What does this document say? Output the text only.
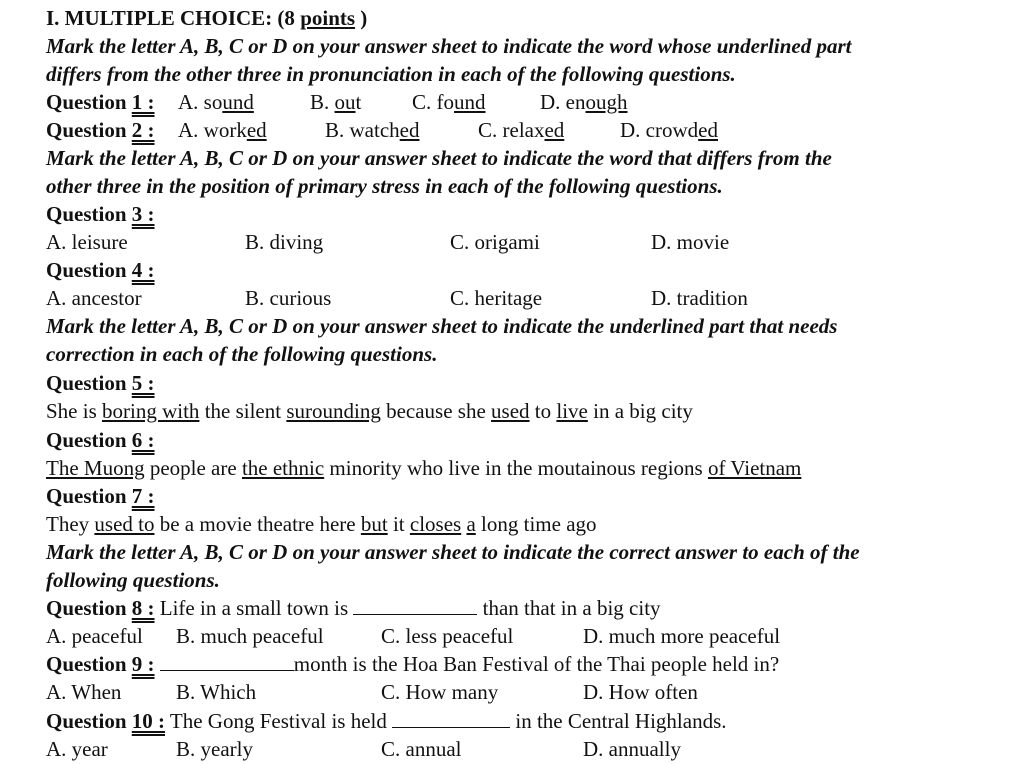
I. MULTIPLE CHOICE: (8 points )
Mark the letter A, B, C or D on your answer sheet to indicate the word whose underlined part
differs from the other three in pronunciation in each of the following questions.
Question 1 : A. sound	B. out C. found	D. enough
Question 2 : A. worked	B. watched	C. relaxed	D. crowded
Mark the letter A, B, C or D on your answer sheet to indicate the word that differs from the
other three in the position of primary stress in each of the following questions.
Question 3 :
A. leisure	B. diving	C. origami	D. movie
Question 4 :
A. ancestor	B. curious	C. heritage	D. tradition
Mark the letter A, B, C or D on your answer sheet to indicate the underlined part that needs
correction in each of the following questions.
Question 5 :
She is boring with the silent surounding because she used to live in a big city
Question 6 :
The Muong people are the ethnic minority who live in the moutainous regions of Vietnam
Question 7 :
They used to be a movie theatre here but it closes a long time ago
Mark the letter A, B, C or D on your answer sheet to indicate the correct answer to each of the
following questions.
Question 8 : Life in a small town is	than that in a big city
A. peaceful B. much peaceful	C. less peaceful	D. much more peaceful
Question 9 :	month is the Hoa Ban Festival of the Thai people held in?
A. When	B. Which	C. How many	D. How often
Question 10 : The Gong Festival is held	in the Central Highlands.
A. year	B. yearly	C. annual	D. annually
